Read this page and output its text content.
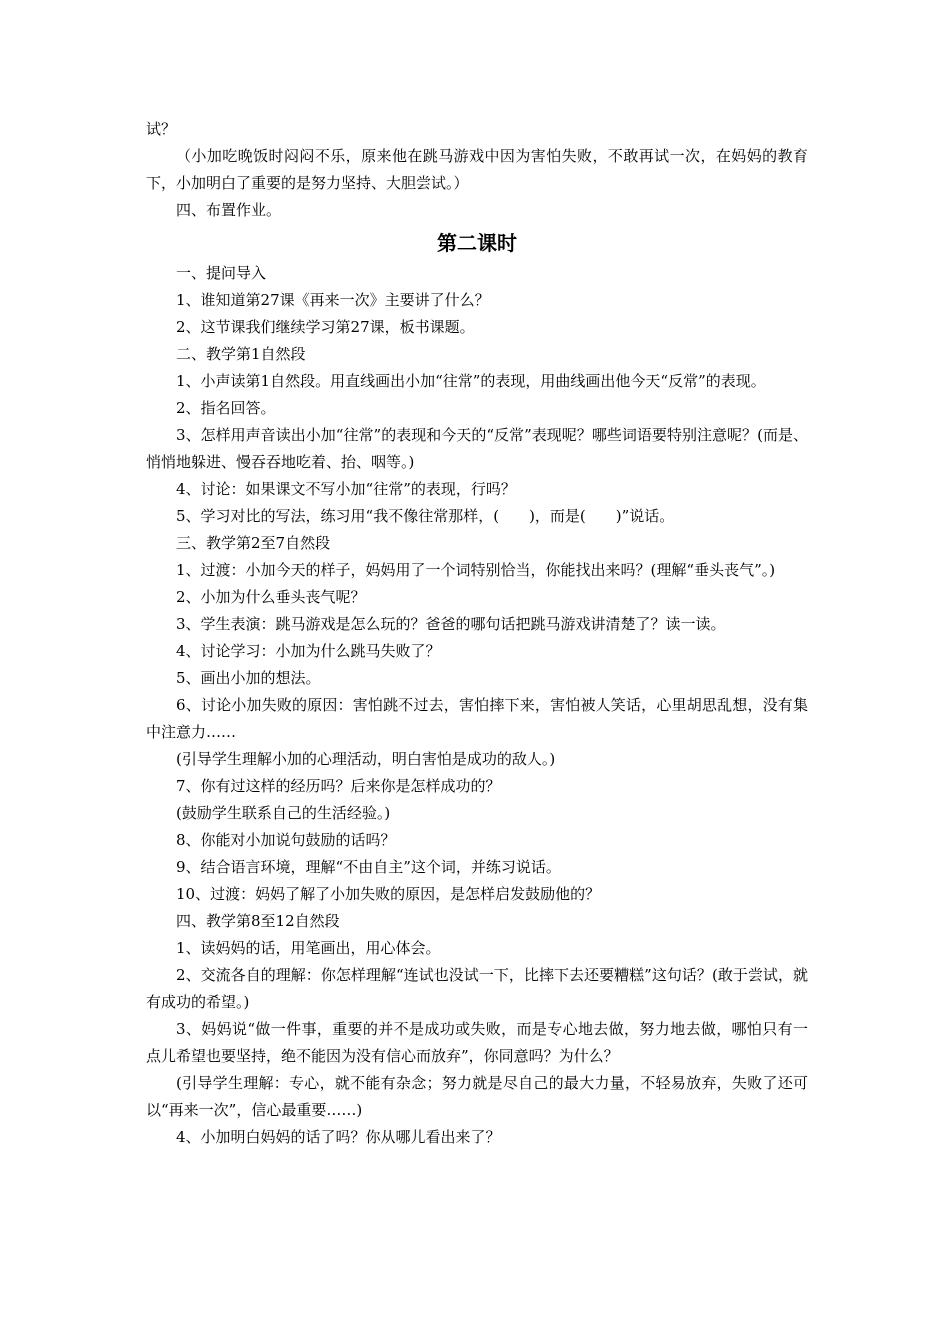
试？

（小加吃晚饭时闷闷不乐，原来他在跳马游戏中因为害怕失败，不敢再试一次，在妈妈的教育下，小加明白了重要的是努力坚持、大胆尝试。）

四、布置作业。

第二课时

一、提问导入

1、谁知道第27课《再来一次》主要讲了什么？

2、这节课我们继续学习第27课，板书课题。

二、教学第1自然段

1、小声读第1自然段。用直线画出小加“往常”的表现，用曲线画出他今天“反常”的表现。

2、指名回答。

3、怎样用声音读出小加“往常”的表现和今天的“反常”表现呢？哪些词语要特别注意呢？(而是、悄悄地躲进、慢吞吞地吃着、抬、咽等。)

4、讨论：如果课文不写小加“往常”的表现，行吗？

5、学习对比的写法，练习用“我不像往常那样，(　　)，而是(　　)”说话。

三、教学第2至7自然段

1、过渡：小加今天的样子，妈妈用了一个词特别恰当，你能找出来吗？(理解“垂头丧气”。)

2、小加为什么垂头丧气呢？

3、学生表演：跳马游戏是怎么玩的？爸爸的哪句话把跳马游戏讲清楚了？读一读。

4、讨论学习：小加为什么跳马失败了？

5、画出小加的想法。

6、讨论小加失败的原因：害怕跳不过去，害怕摔下来，害怕被人笑话，心里胡思乱想，没有集中注意力……

(引导学生理解小加的心理活动，明白害怕是成功的敌人。)

7、你有过这样的经历吗？后来你是怎样成功的？

(鼓励学生联系自己的生活经验。)

8、你能对小加说句鼓励的话吗？

9、结合语言环境，理解“不由自主”这个词，并练习说话。

10、过渡：妈妈了解了小加失败的原因，是怎样启发鼓励他的？

四、教学第8至12自然段

1、读妈妈的话，用笔画出，用心体会。

2、交流各自的理解：你怎样理解“连试也没试一下，比摔下去还要糟糕”这句话？(敢于尝试，就有成功的希望。)

3、妈妈说“做一件事，重要的并不是成功或失败，而是专心地去做，努力地去做，哪怕只有一点儿希望也要坚持，绝不能因为没有信心而放弃”，你同意吗？为什么？

(引导学生理解：专心，就不能有杂念；努力就是尽自己的最大力量，不轻易放弃，失败了还可以“再来一次”，信心最重要……)

4、小加明白妈妈的话了吗？你从哪儿看出来了？
